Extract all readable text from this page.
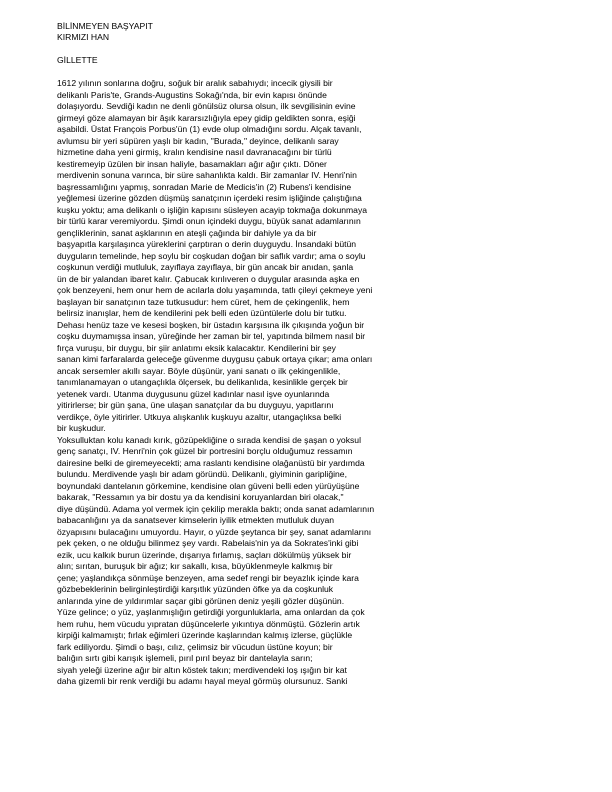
BİLİNMEYEN BAŞYAPIT

KIRMIZI HAN

GİLLETTE

1612 yılının sonlarına doğru, soğuk bir aralık sabahıydı; incecik giysili bir

delikanlı Paris'te, Grands-Augustins Sokağı'nda, bir evin kapısı önünde

dolaşıyordu. Sevdiği kadın ne denli gönülsüz olursa olsun, ilk sevgilisinin evine

girmeyi göze alamayan bir âşık kararsızlığıyla epey gidip geldikten sonra, eşiği

aşabildi. Üstat François Porbus'ün (1) evde olup olmadığını sordu. Alçak tavanlı,

avlumsu bir yeri süpüren yaşlı bir kadın, "Burada," deyince, delikanlı saray

hizmetine daha yeni girmiş, kralın kendisine nasıl davranacağını bir türlü

kestiremeyip üzülen bir insan haliyle, basamakları ağır ağır çıktı. Döner

merdivenin sonuna varınca, bir süre sahanlıkta kaldı. Bir zamanlar IV. Henri'nin

başressamlığını yapmış, sonradan Marie de Medicis'in (2) Rubens'i kendisine

yeğlemesi üzerine gözden düşmüş sanatçının içerdeki resim işliğinde çalıştığına

kuşku yoktu; ama delikanlı o işliğin kapısını süsleyen acayip tokmağa dokunmaya

bir türlü karar veremiyordu. Şimdi onun içindeki duygu, büyük sanat adamlarının

gençliklerinin, sanat aşklarının en ateşli çağında bir dahiyle ya da bir

başyapıtla karşılaşınca yüreklerini çarptıran o derin duyguydu. İnsandaki bütün

duyguların temelinde, hep soylu bir coşkudan doğan bir saflık vardır; ama o soylu

coşkunun verdiği mutluluk, zayıflaya zayıflaya, bir gün ancak bir anıdan, şanla

ün de bir yalandan ibaret kalır. Çabucak kırılıveren o duygular arasında aşka en

çok benzeyeni, hem onur hem de acılarla dolu yaşamında, tatlı çileyi çekmeye yeni

başlayan bir sanatçının taze tutkusudur: hem cüret, hem de çekingenlik, hem

belirsiz inanışlar, hem de kendilerini pek belli eden üzüntülerle dolu bir tutku.

Dehası henüz taze ve kesesi boşken, bir üstadın karşısına ilk çıkışında yoğun bir

coşku duymamışsa insan, yüreğinde her zaman bir tel, yapıtında bilmem nasıl bir

fırça vuruşu, bir duygu, bir şiir anlatımı eksik kalacaktır. Kendilerini bir şey

sanan kimi farfaralarda geleceğe güvenme duygusu çabuk ortaya çıkar; ama onları

ancak sersemler akıllı sayar. Böyle düşünür, yani sanatı o ilk çekingenlikle,

tanımlanamayan o utangaçlıkla ölçersek, bu delikanlıda, kesinlikle gerçek bir

yetenek vardı. Utanma duygusunu güzel kadınlar nasıl işve oyunlarında

yitirirlerse; bir gün şana, üne ulaşan sanatçılar da bu duyguyu, yapıtlarını

verdikçe, öyle yitirirler. Utkuya alışkanlık kuşkuyu azaltır, utangaçlıksa belki

bir kuşkudur.

Yoksulluktan kolu kanadı kırık, gözüpekliğine o sırada kendisi de şaşan o yoksul

genç sanatçı, IV. Henri'nin çok güzel bir portresini borçlu olduğumuz ressamın

dairesine belki de giremeyecekti; ama raslantı kendisine olağanüstü bir yardımda

bulundu. Merdivende yaşlı bir adam göründü. Delikanlı, giyiminin garipliğine,

boynundaki dantelanın görkemine, kendisine olan güveni belli eden yürüyüşüne

bakarak, "Ressamın ya bir dostu ya da kendisini koruyanlardan biri olacak,"

diye düşündü. Adama yol vermek için çekilip merakla baktı; onda sanat adamlarının

babacanlığını ya da sanatsever kimselerin iyilik etmekten mutluluk duyan

özyapısını bulacağını umuyordu. Hayır, o yüzde şeytanca bir şey, sanat adamlarını

pek çeken, o ne olduğu bilinmez şey vardı. Rabelais'nin ya da Sokrates'inki gibi

ezik, ucu kalkık burun üzerinde, dışarıya fırlamış, saçları dökülmüş yüksek bir

alın; sırıtan, buruşuk bir ağız; kır sakallı, kısa, büyüklenmeyle kalkmış bir

çene; yaşlandıkça sönmüşe benzeyen, ama sedef rengi bir beyazlık içinde kara

gözbebeklerinin belirginleştirdiği karşıtlık yüzünden öfke ya da coşkunluk

anlarında yine de yıldırımlar saçar gibi görünen deniz yeşili gözler düşünün.

Yüze gelince; o yüz, yaşlanmışlığın getirdiği yorgunluklarla, ama onlardan da çok

hem ruhu, hem vücudu yıpratan düşüncelerle yıkıntıya dönmüştü. Gözlerin artık

kirpiği kalmamıştı; fırlak eğimleri üzerinde kaşlarından kalmış izlerse, güçlükle

fark ediliyordu. Şimdi o başı, cılız, çelimsiz bir vücudun üstüne koyun; bir

balığın sırtı gibi karışık işlemeli, pırıl pırıl beyaz bir dantelayla sarın;

siyah yeleği üzerine ağır bir altın köstek takın; merdivendeki loş ışığın bir kat

daha gizemli bir renk verdiği bu adamı hayal meyal görmüş olursunuz. Sanki
